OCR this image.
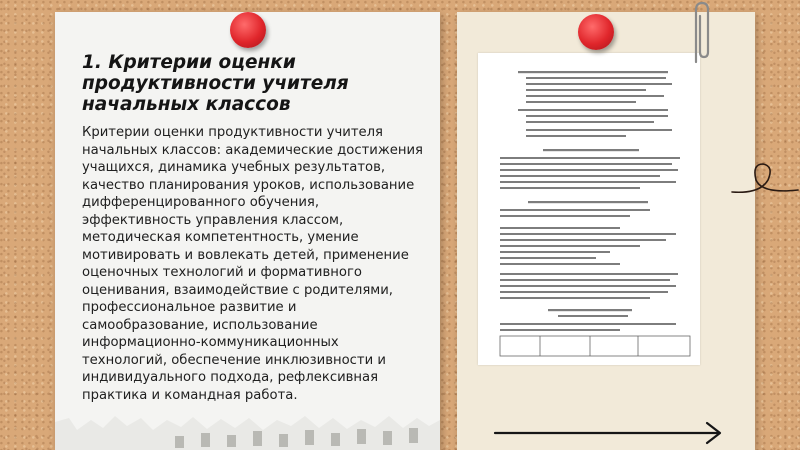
1. Критерии оценки продуктивности учителя начальных классов

Критерии оценки продуктивности учителя начальных классов: академические достижения учащихся, динамика учебных результатов, качество планирования уроков, использование дифференцированного обучения, эффективность управления классом, методическая компетентность, умение мотивировать и вовлекать детей, применение оценочных технологий и формативного оценивания, взаимодействие с родителями, профессиональное развитие и самообразование, использование информационно-коммуникационных технологий, обеспечение инклюзивности и индивидуального подхода, рефлексивная практика и командная работа.
